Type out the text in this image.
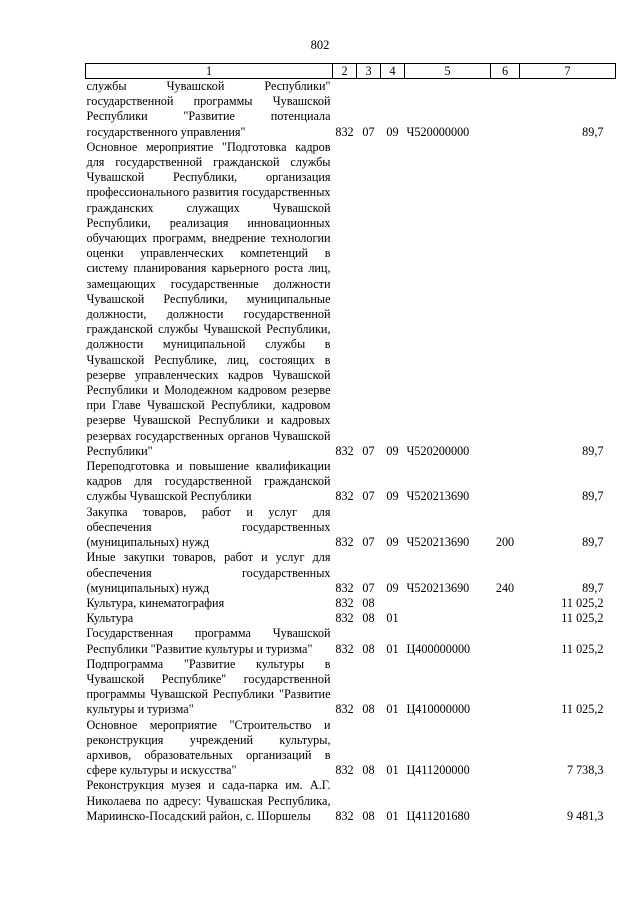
802
1	2	3	4	5	6	7
службы Чувашской Республики" государственной программы Чувашской Республики "Развитие потенциала государственного управления"	832	07	09	Ч520000000		89,7
Основное мероприятие "Подготовка кадров для государственной гражданской службы Чувашской Республики, организация профессионального развития государственных гражданских служащих Чувашской Республики, реализация инновационных обучающих программ, внедрение технологии оценки управленческих компетенций в систему планирования карьерного роста лиц, замещающих государственные должности Чувашской Республики, муниципальные должности, должности государственной гражданской службы Чувашской Республики, должности муниципальной службы в Чувашской Республике, лиц, состоящих в резерве управленческих кадров Чувашской Республики и Молодежном кадровом резерве при Главе Чувашской Республики, кадровом резерве Чувашской Республики и кадровых резервах государственных органов Чувашской Республики"	832	07	09	Ч520200000		89,7
Переподготовка и повышение квалификации кадров для государственной гражданской службы Чувашской Республики	832	07	09	Ч520213690		89,7
Закупка товаров, работ и услуг для обеспечения государственных (муниципальных) нужд	832	07	09	Ч520213690	200	89,7
Иные закупки товаров, работ и услуг для обеспечения государственных (муниципальных) нужд	832	07	09	Ч520213690	240	89,7
Культура, кинематография	832	08				11 025,2
Культура	832	08	01			11 025,2
Государственная программа Чувашской Республики "Развитие культуры и туризма"	832	08	01	Ц400000000		11 025,2
Подпрограмма "Развитие культуры в Чувашской Республике" государственной программы Чувашской Республики "Развитие культуры и туризма"	832	08	01	Ц410000000		11 025,2
Основное мероприятие "Строительство и реконструкция учреждений культуры, архивов, образовательных организаций в сфере культуры и искусства"	832	08	01	Ц411200000		7 738,3
Реконструкция музея и сада-парка им. А.Г. Николаева по адресу: Чувашская Республика, Мариинско-Посадский район, с. Шоршелы	832	08	01	Ц411201680		9 481,3
